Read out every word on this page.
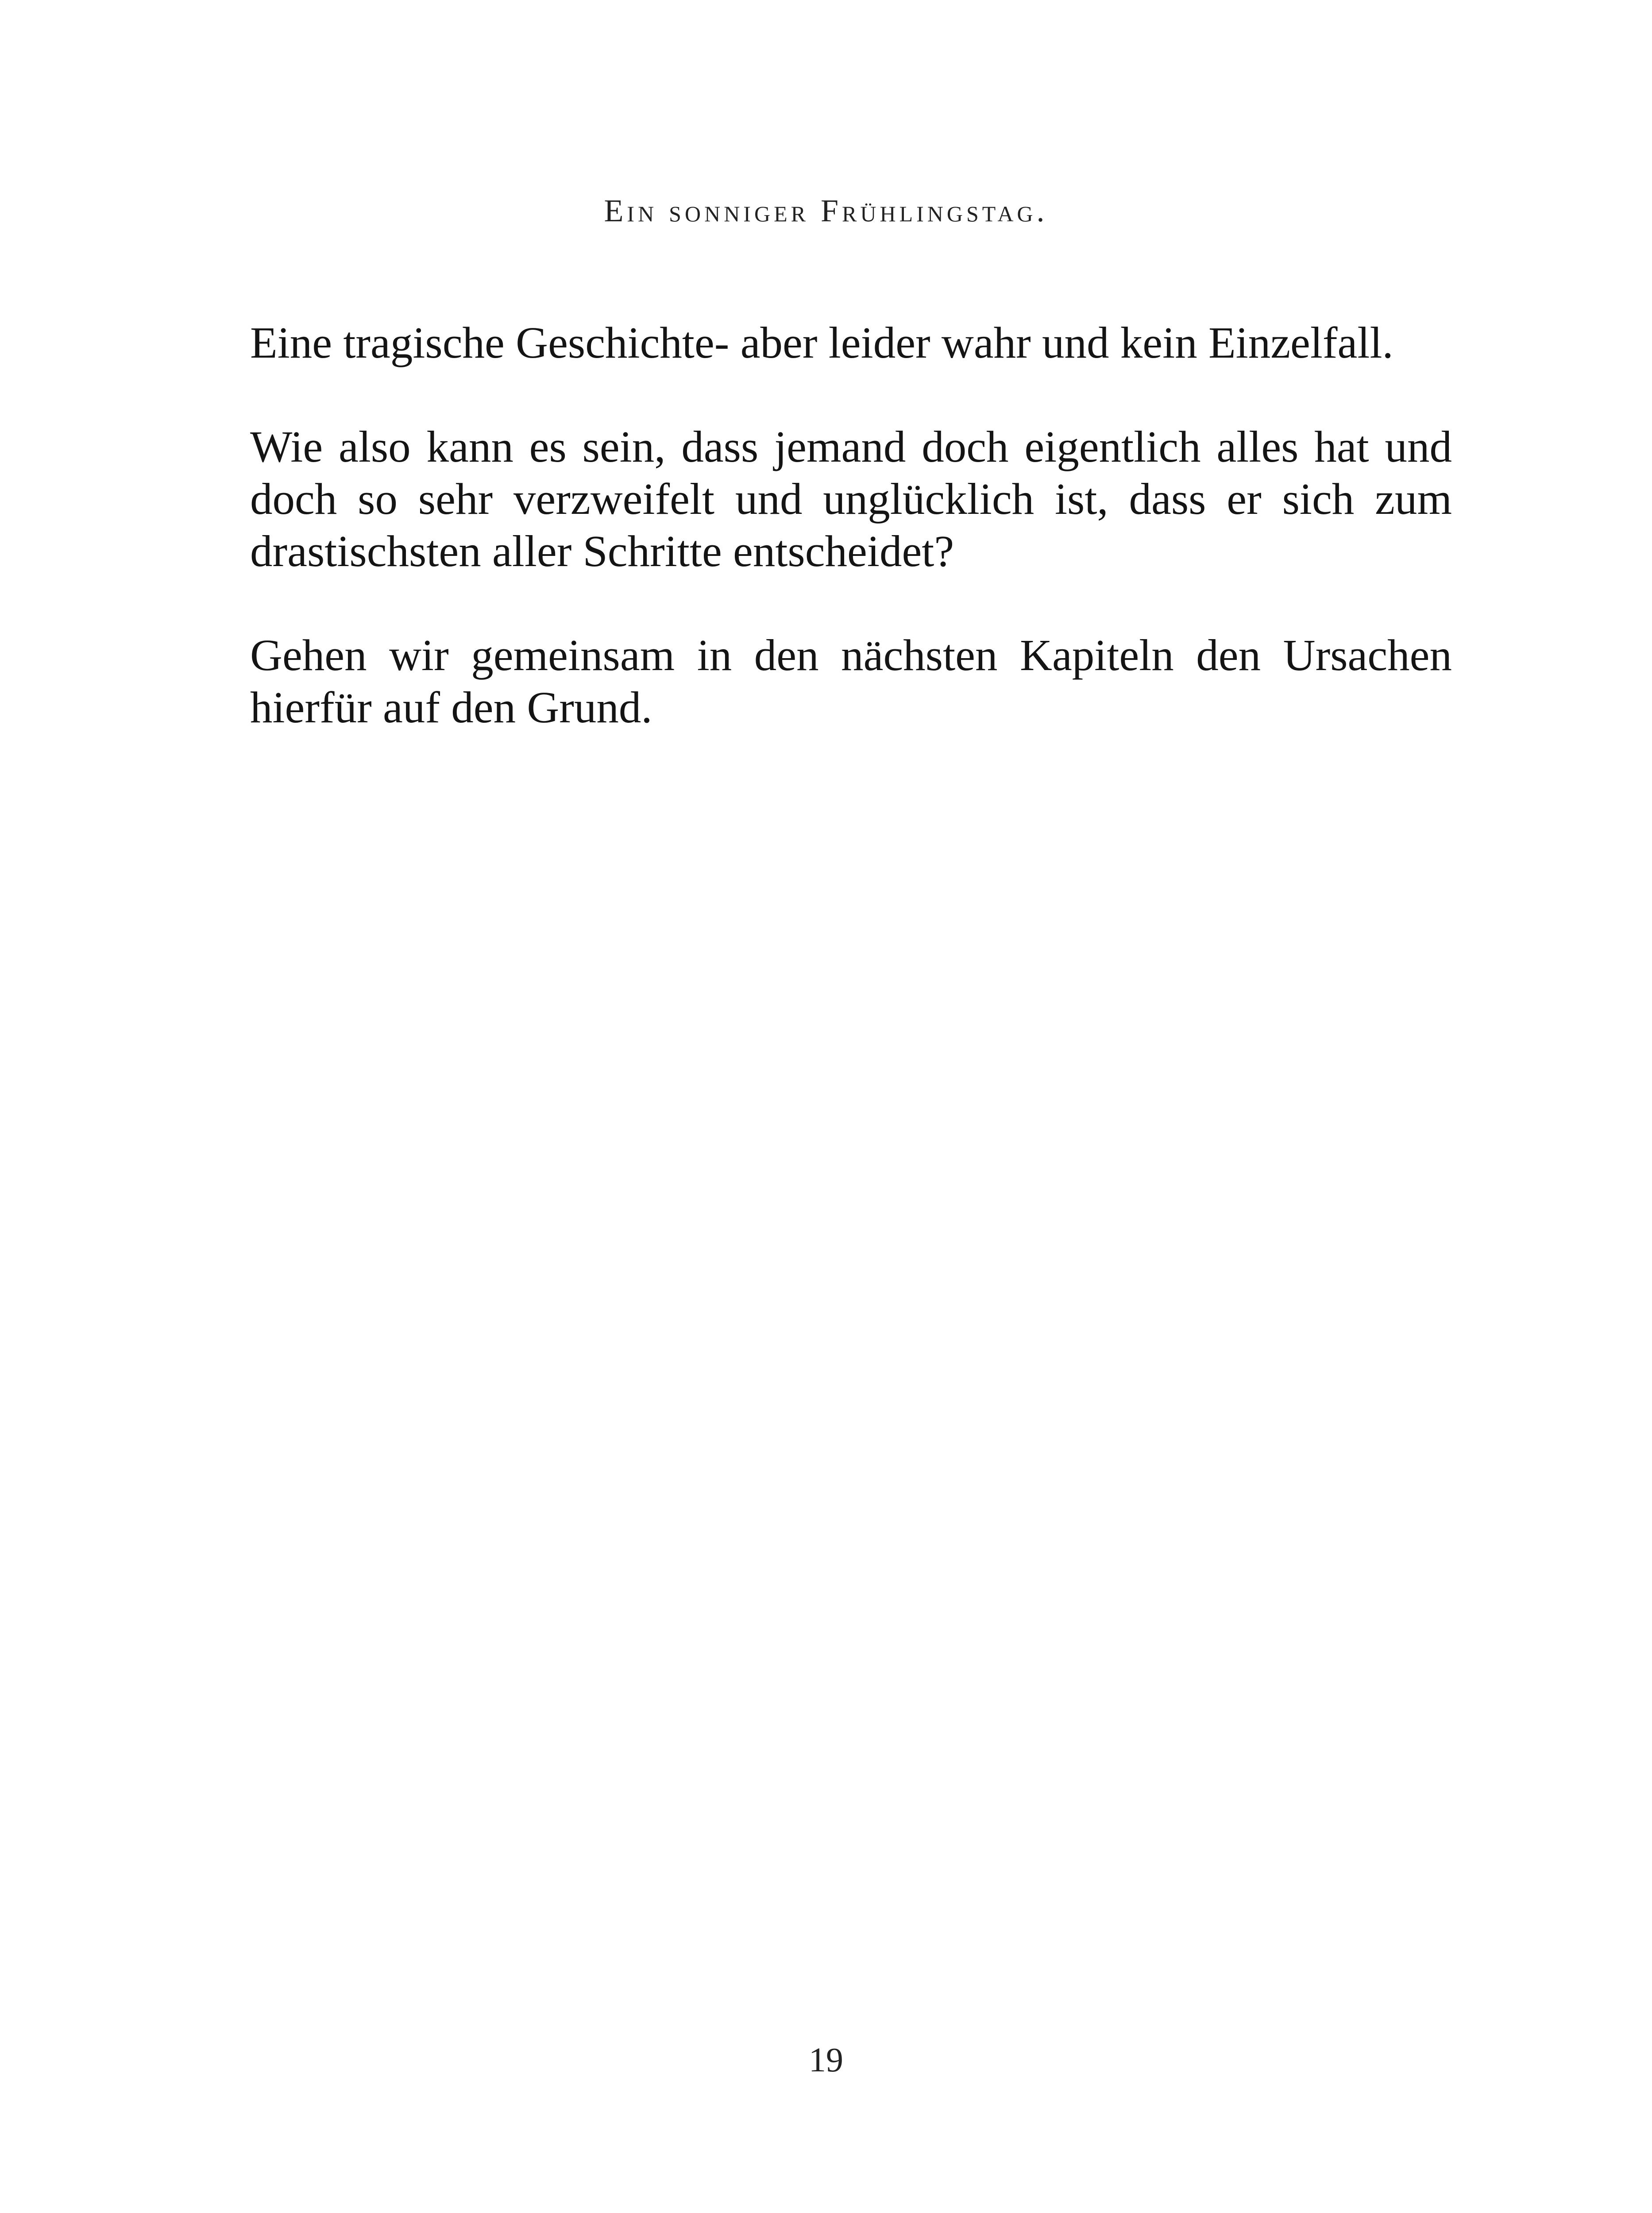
Ein sonniger Frühlingstag.

Eine tragische Geschichte- aber leider wahr und kein Einzelfall.

Wie also kann es sein, dass jemand doch eigentlich alles hat und doch so sehr verzweifelt und unglücklich ist, dass er sich zum drastischsten aller Schritte entscheidet?

Gehen wir gemeinsam in den nächsten Kapiteln den Ursachen hierfür auf den Grund.

19
